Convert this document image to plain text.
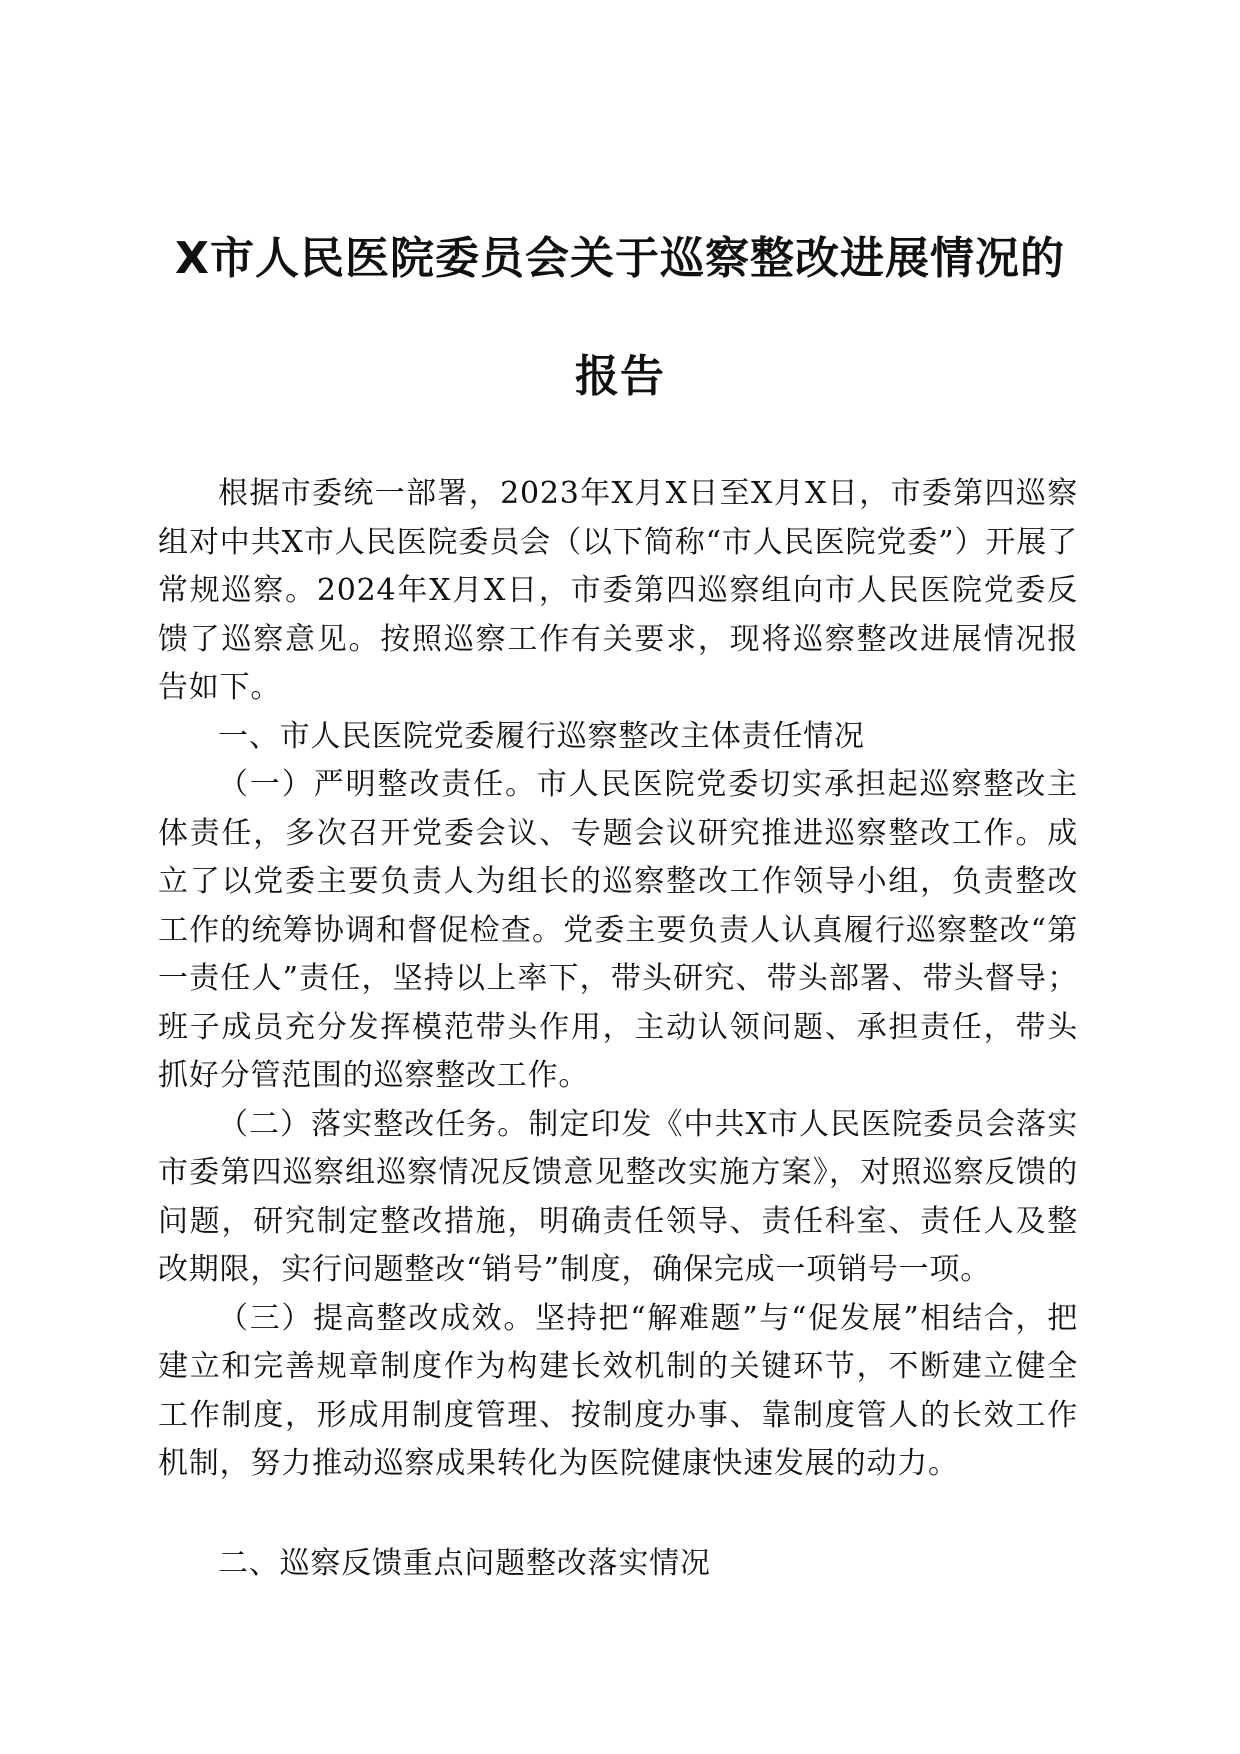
X市人民医院委员会关于巡察整改进展情况的
报告

根据市委统一部署，2023年X月X日至X月X日，市委第四巡察组对中共X市人民医院委员会（以下简称“市人民医院党委”）开展了常规巡察。2024年X月X日，市委第四巡察组向市人民医院党委反馈了巡察意见。按照巡察工作有关要求，现将巡察整改进展情况报告如下。

一、市人民医院党委履行巡察整改主体责任情况

（一）严明整改责任。市人民医院党委切实承担起巡察整改主体责任，多次召开党委会议、专题会议研究推进巡察整改工作。成立了以党委主要负责人为组长的巡察整改工作领导小组，负责整改工作的统筹协调和督促检查。党委主要负责人认真履行巡察整改“第一责任人”责任，坚持以上率下，带头研究、带头部署、带头督导；班子成员充分发挥模范带头作用，主动认领问题、承担责任，带头抓好分管范围的巡察整改工作。

（二）落实整改任务。制定印发《中共X市人民医院委员会落实市委第四巡察组巡察情况反馈意见整改实施方案》，对照巡察反馈的问题，研究制定整改措施，明确责任领导、责任科室、责任人及整改期限，实行问题整改“销号”制度，确保完成一项销号一项。

（三）提高整改成效。坚持把“解难题”与“促发展”相结合，把建立和完善规章制度作为构建长效机制的关键环节，不断建立健全工作制度，形成用制度管理、按制度办事、靠制度管人的长效工作机制，努力推动巡察成果转化为医院健康快速发展的动力。

二、巡察反馈重点问题整改落实情况
